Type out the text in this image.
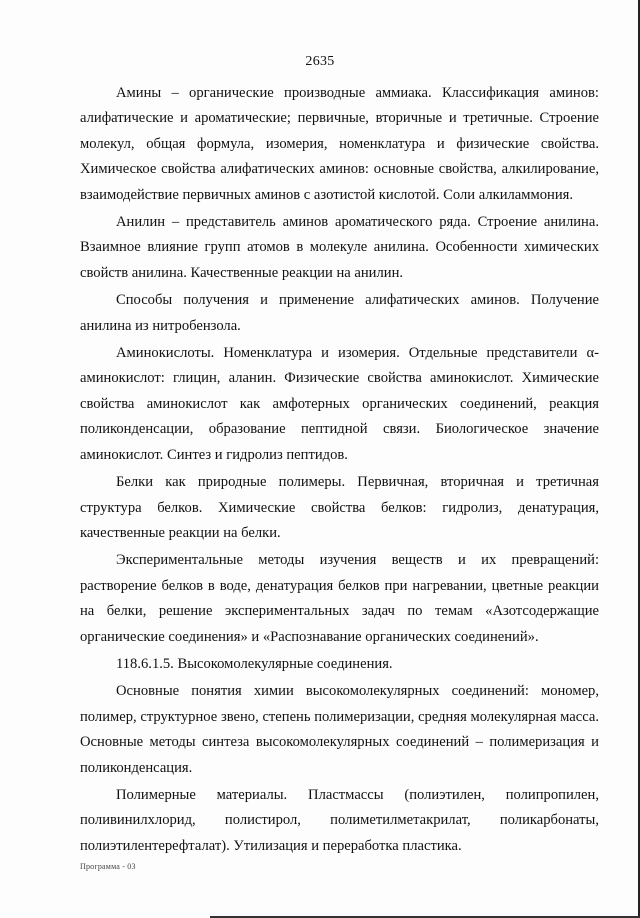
2635

Амины – органические производные аммиака. Классификация аминов: алифатические и ароматические; первичные, вторичные и третичные. Строение молекул, общая формула, изомерия, номенклатура и физические свойства. Химическое свойства алифатических аминов: основные свойства, алкилирование, взаимодействие первичных аминов с азотистой кислотой. Соли алкиламмония.

Анилин – представитель аминов ароматического ряда. Строение анилина. Взаимное влияние групп атомов в молекуле анилина. Особенности химических свойств анилина. Качественные реакции на анилин.

Способы получения и применение алифатических аминов. Получение анилина из нитробензола.

Аминокислоты. Номенклатура и изомерия. Отдельные представители α-аминокислот: глицин, аланин. Физические свойства аминокислот. Химические свойства аминокислот как амфотерных органических соединений, реакция поликонденсации, образование пептидной связи. Биологическое значение аминокислот. Синтез и гидролиз пептидов.

Белки как природные полимеры. Первичная, вторичная и третичная структура белков. Химические свойства белков: гидролиз, денатурация, качественные реакции на белки.

Экспериментальные методы изучения веществ и их превращений: растворение белков в воде, денатурация белков при нагревании, цветные реакции на белки, решение экспериментальных задач по темам «Азотсодержащие органические соединения» и «Распознавание органических соединений».

118.6.1.5. Высокомолекулярные соединения.

Основные понятия химии высокомолекулярных соединений: мономер, полимер, структурное звено, степень полимеризации, средняя молекулярная масса. Основные методы синтеза высокомолекулярных соединений – полимеризация и поликонденсация.

Полимерные материалы. Пластмассы (полиэтилен, полипропилен, поливинилхлорид, полистирол, полиметилметакрилат, поликарбонаты, полиэтилентерефталат). Утилизация и переработка пластика.

Программа - 03
